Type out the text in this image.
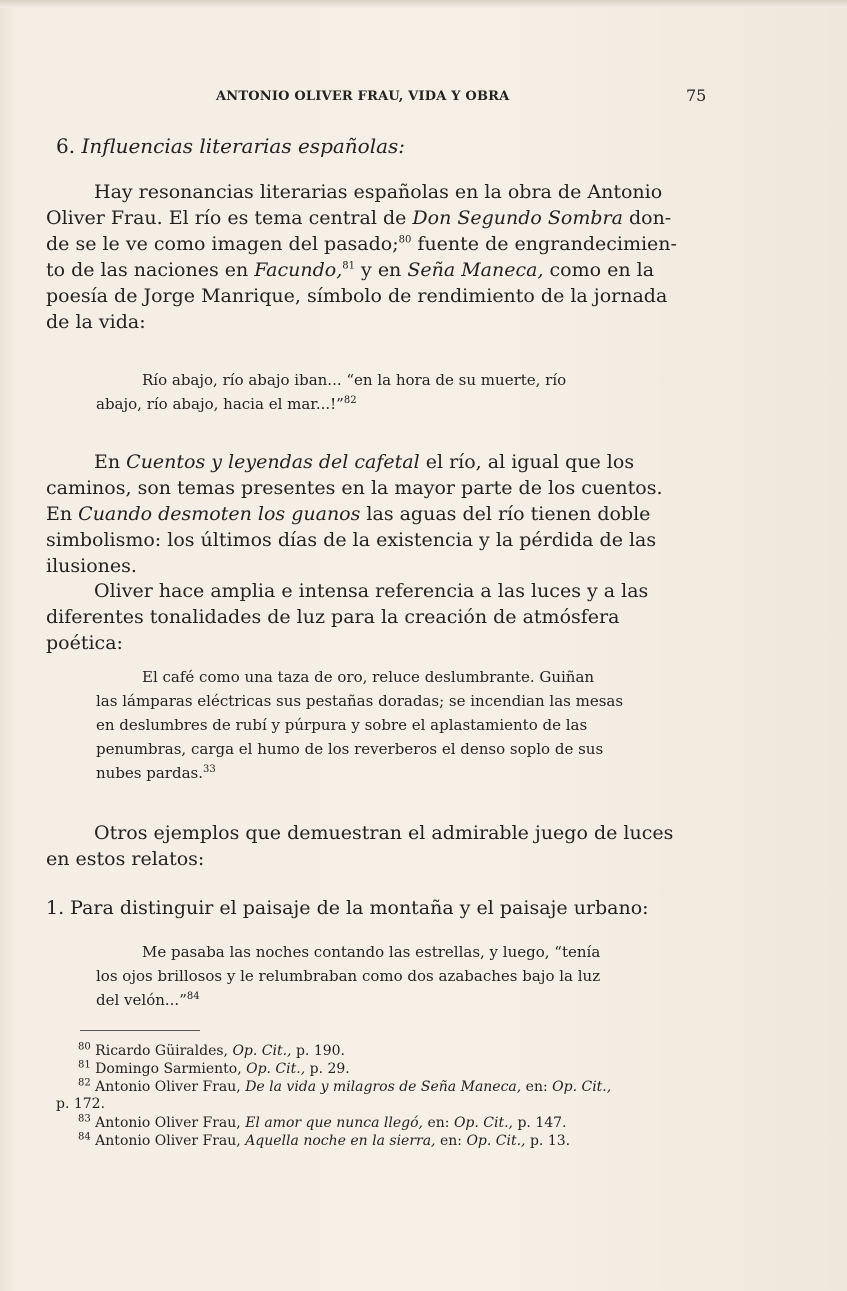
ANTONIO OLIVER FRAU, VIDA Y OBRA	75
6. Influencias literarias españolas:
Hay resonancias literarias españolas en la obra de Antonio
Oliver Frau. El río es tema central de Don Segundo Sombra don-
de se le ve como imagen del pasado;$^{80}$ fuente de engrandecimien-
to de las naciones en Facundo,$^{81}$ y en Seña Maneca, como en la
poesía de Jorge Manrique, símbolo de rendimiento de la jornada
de la vida:
Río abajo, río abajo iban... “en la hora de su muerte, río
abajo, río abajo, hacia el mar...!”$^{82}$
En Cuentos y leyendas del cafetal el río, al igual que los
caminos, son temas presentes en la mayor parte de los cuentos.
En Cuando desmoten los guanos las aguas del río tienen doble
simbolismo: los últimos días de la existencia y la pérdida de las
ilusiones.
Oliver hace amplia e intensa referencia a las luces y a las
diferentes tonalidades de luz para la creación de atmósfera
poética:
El café como una taza de oro, reluce deslumbrante. Guiñan
las lámparas eléctricas sus pestañas doradas; se incendian las mesas
en deslumbres de rubí y púrpura y sobre el aplastamiento de las
penumbras, carga el humo de los reverberos el denso soplo de sus
nubes pardas.$^{33}$
Otros ejemplos que demuestran el admirable juego de luces
en estos relatos:
1. Para distinguir el paisaje de la montaña y el paisaje urbano:
Me pasaba las noches contando las estrellas, y luego, “tenía
los ojos brillosos y le relumbraban como dos azabaches bajo la luz
del velón...”$^{84}$
$^{80}$ Ricardo Güiraldes, Op. Cit., p. 190.
$^{81}$ Domingo Sarmiento, Op. Cit., p. 29.
$^{82}$ Antonio Oliver Frau, De la vida y milagros de Seña Maneca, en: Op. Cit.,
p. 172.
$^{83}$ Antonio Oliver Frau, El amor que nunca llegó, en: Op. Cit., p. 147.
$^{84}$ Antonio Oliver Frau, Aquella noche en la sierra, en: Op. Cit., p. 13.
